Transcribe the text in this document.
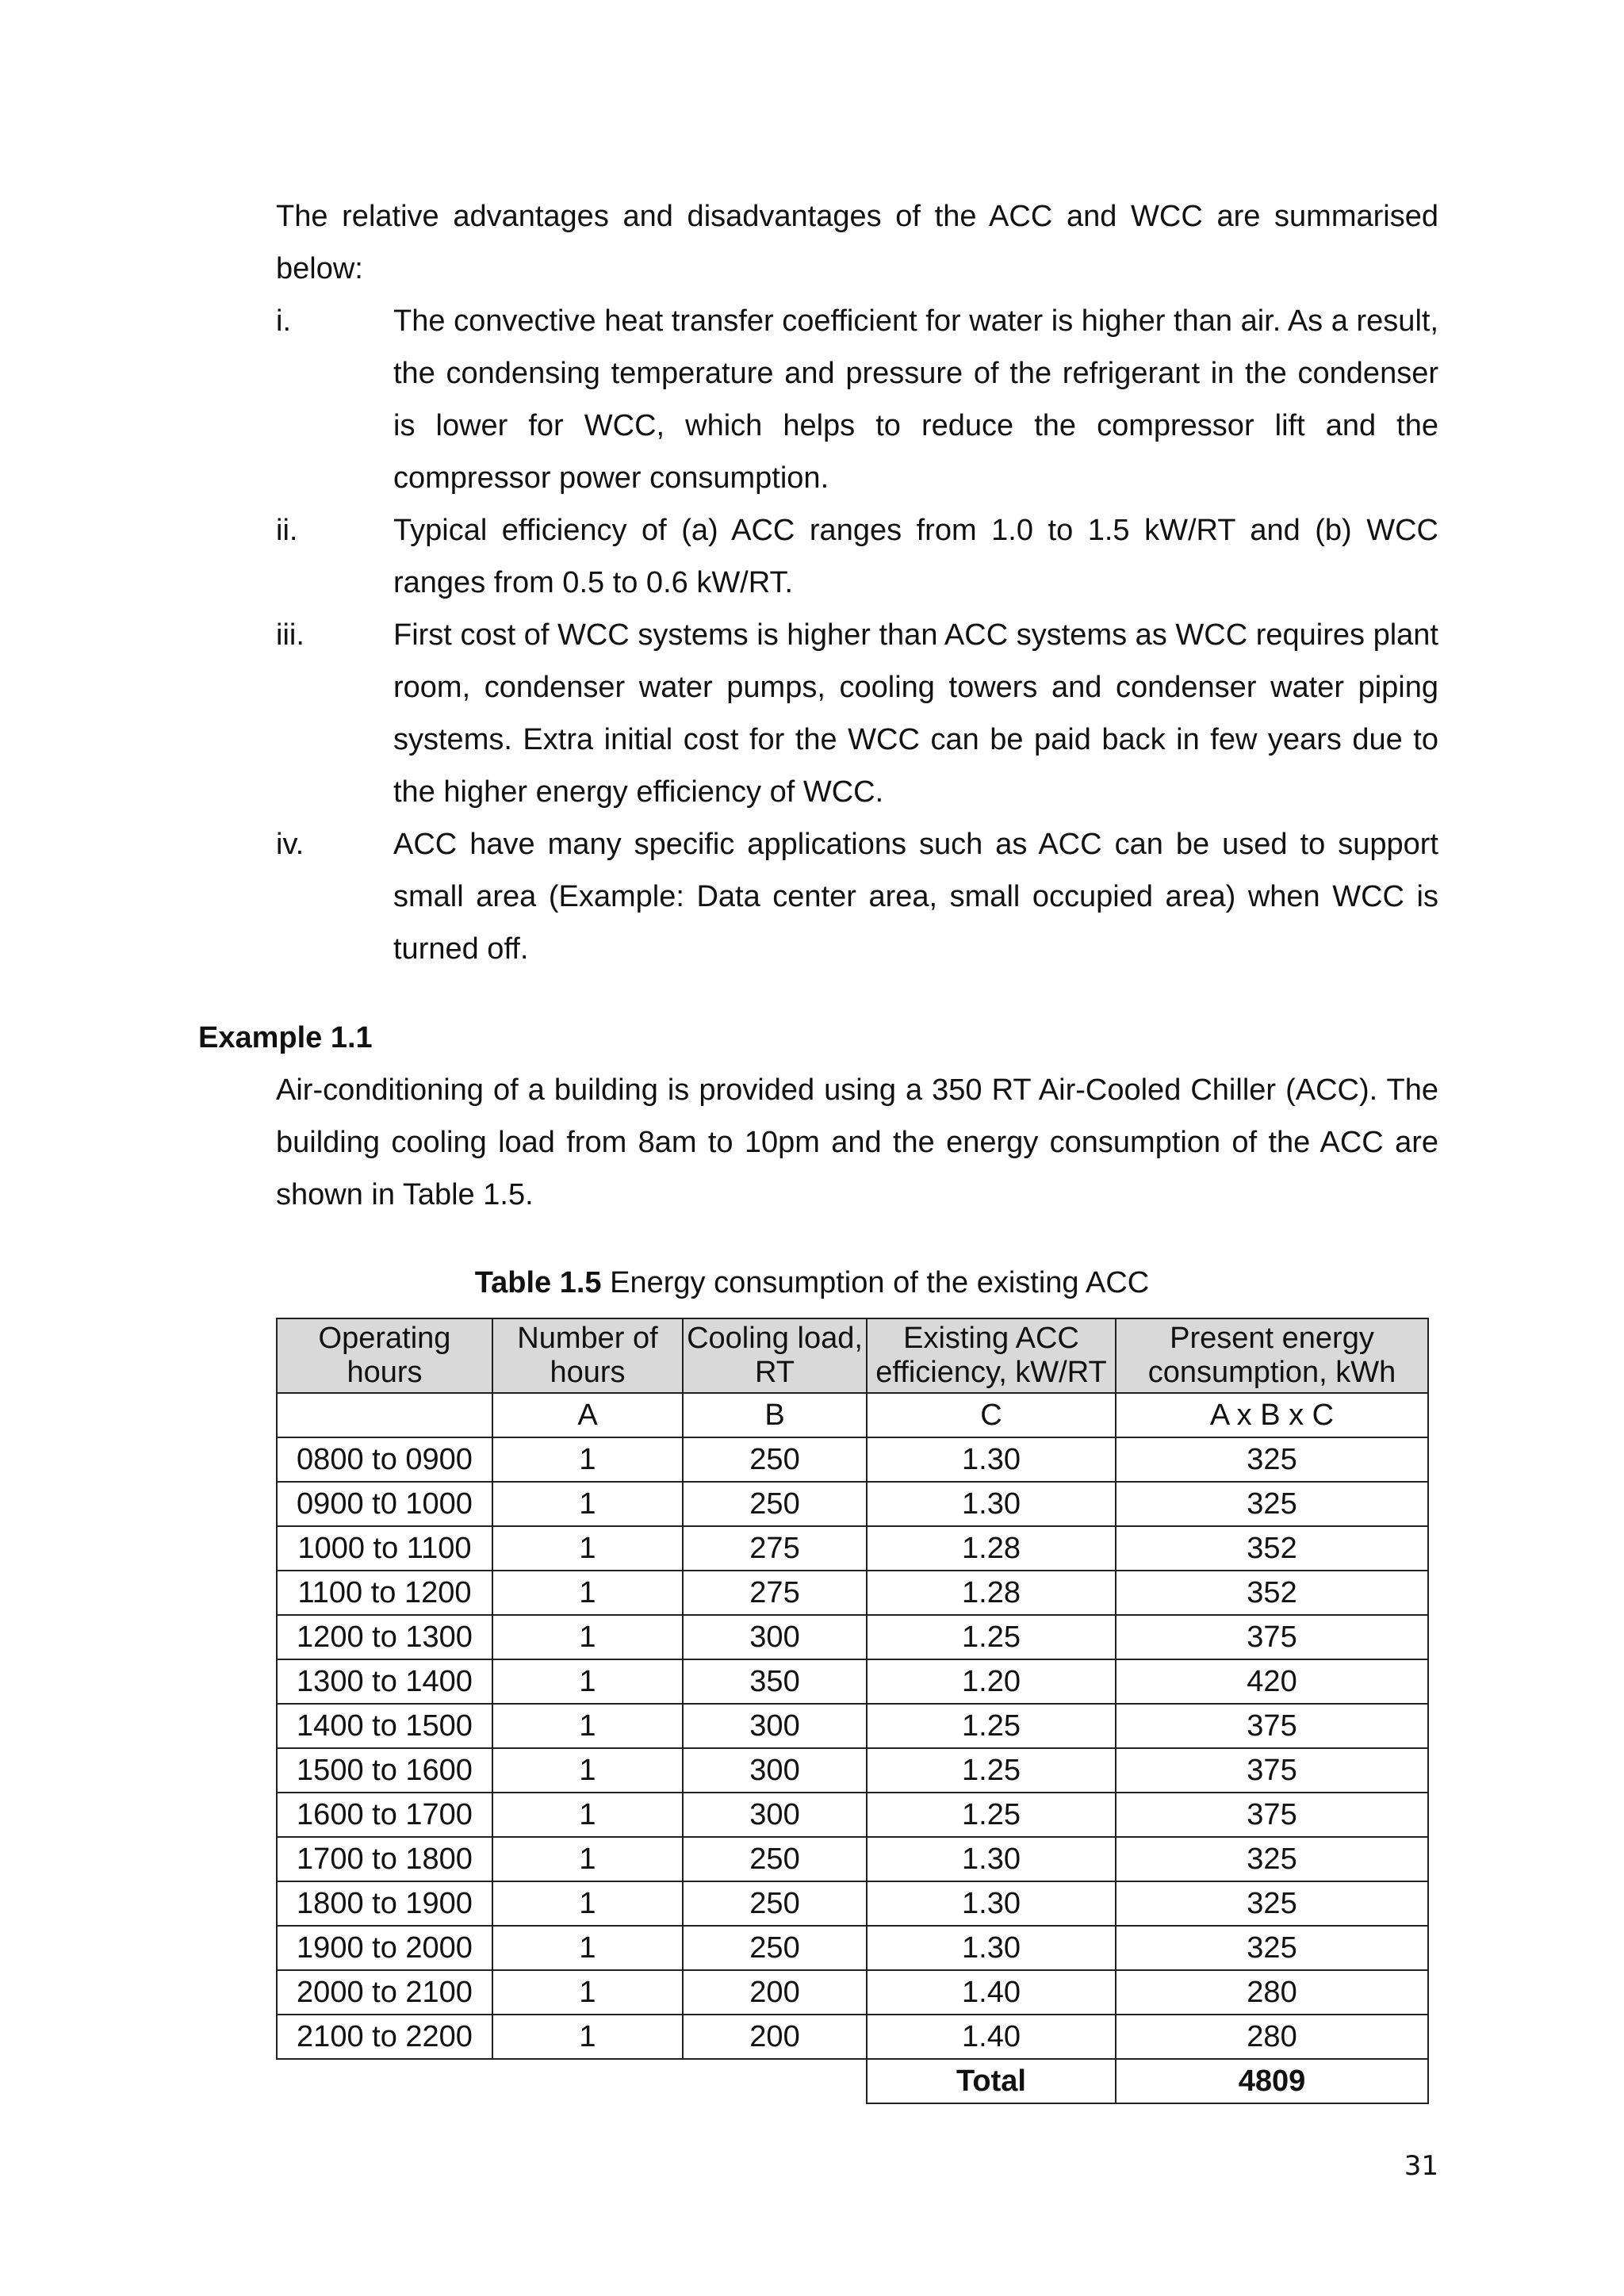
The relative advantages and disadvantages of the ACC and WCC are summarised below:

i.	The convective heat transfer coefficient for water is higher than air. As a result, the condensing temperature and pressure of the refrigerant in the condenser is lower for WCC, which helps to reduce the compressor lift and the compressor power consumption.
ii.	Typical efficiency of (a) ACC ranges from 1.0 to 1.5 kW/RT and (b) WCC ranges from 0.5 to 0.6 kW/RT.
iii.	First cost of WCC systems is higher than ACC systems as WCC requires plant room, condenser water pumps, cooling towers and condenser water piping systems. Extra initial cost for the WCC can be paid back in few years due to the higher energy efficiency of WCC.
iv.	ACC have many specific applications such as ACC can be used to support small area (Example: Data center area, small occupied area) when WCC is turned off.

Example 1.1

Air-conditioning of a building is provided using a 350 RT Air-Cooled Chiller (ACC). The building cooling load from 8am to 10pm and the energy consumption of the ACC are shown in Table 1.5.

Table 1.5 Energy consumption of the existing ACC

Operating hours	Number of hours	Cooling load, RT	Existing ACC efficiency, kW/RT	Present energy consumption, kWh
	A	B	C	A x B x C
0800 to 0900	1	250	1.30	325
0900 t0 1000	1	250	1.30	325
1000 to 1100	1	275	1.28	352
1100 to 1200	1	275	1.28	352
1200 to 1300	1	300	1.25	375
1300 to 1400	1	350	1.20	420
1400 to 1500	1	300	1.25	375
1500 to 1600	1	300	1.25	375
1600 to 1700	1	300	1.25	375
1700 to 1800	1	250	1.30	325
1800 to 1900	1	250	1.30	325
1900 to 2000	1	250	1.30	325
2000 to 2100	1	200	1.40	280
2100 to 2200	1	200	1.40	280
			Total	4809

31
